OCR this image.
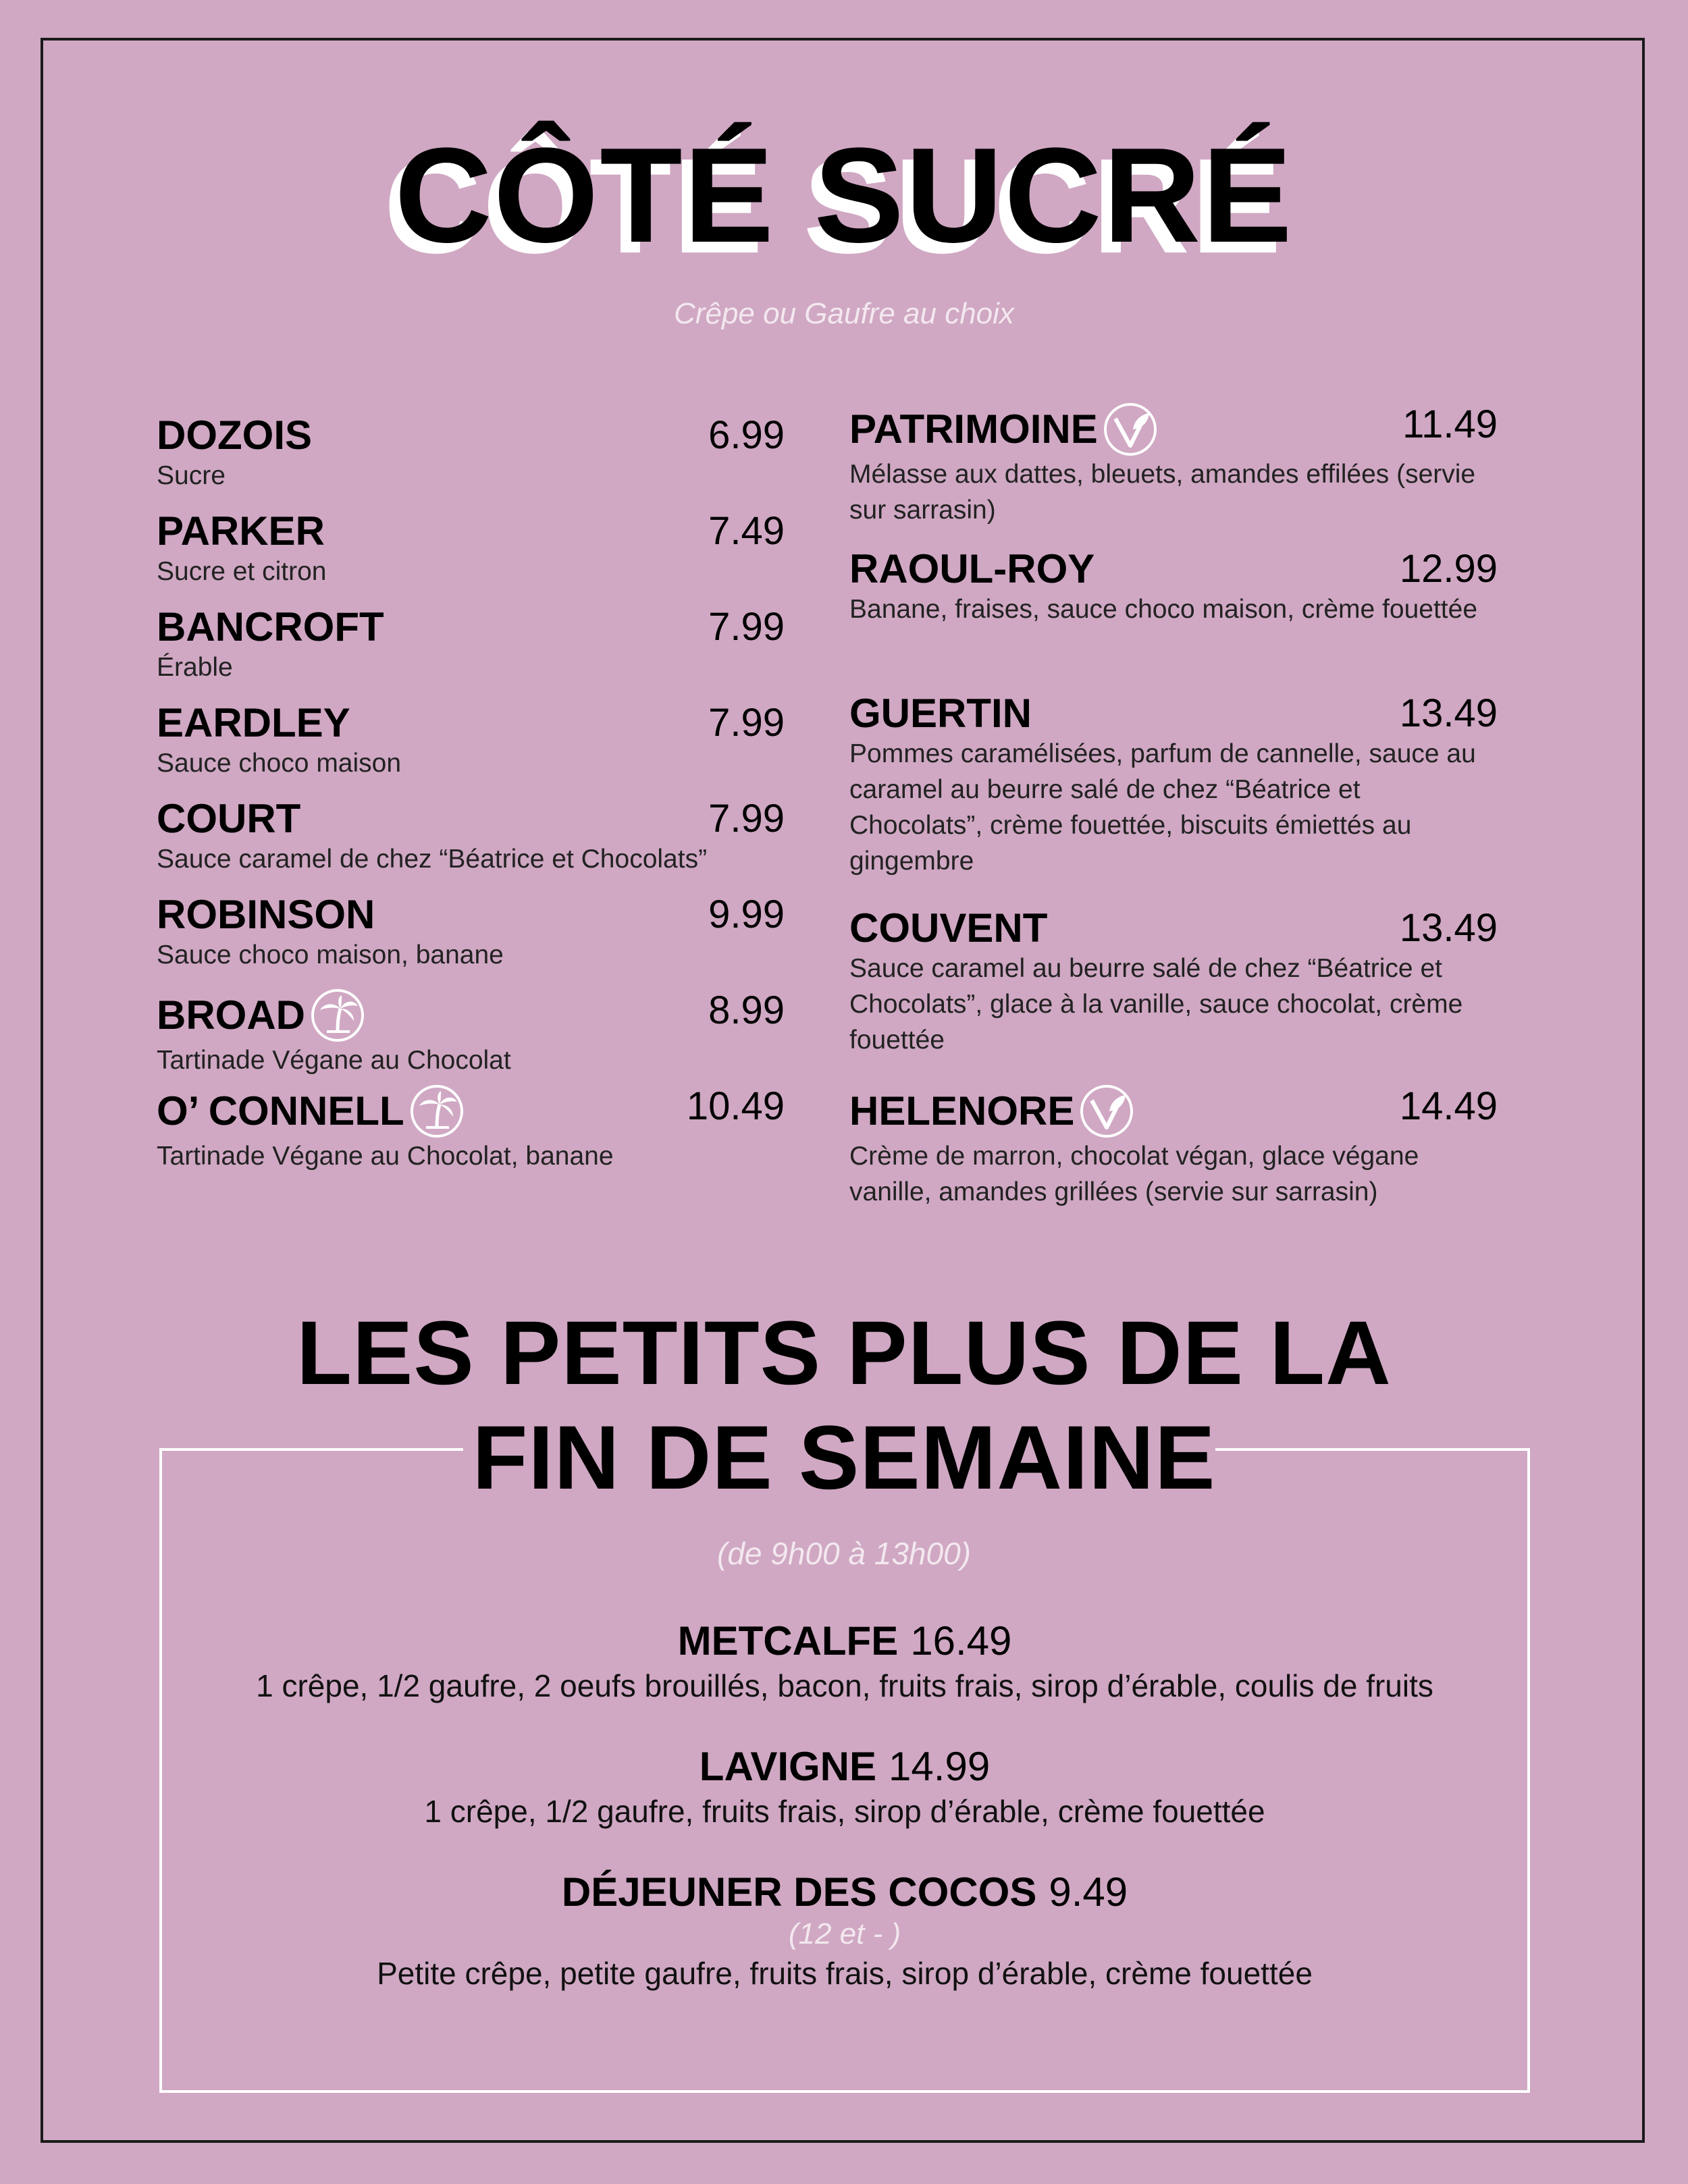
CÔTÉ SUCRÉ
Crêpe ou Gaufre au choix
DOZOIS	6.99
Sucre
PARKER	7.49
Sucre et citron
BANCROFT	7.99
Érable
EARDLEY	7.99
Sauce choco maison
COURT	7.99
Sauce caramel de chez “Béatrice et Chocolats”
ROBINSON	9.99
Sauce choco maison, banane
BROAD	8.99
Tartinade Végane au Chocolat
O’ CONNELL	10.49
Tartinade Végane au Chocolat, banane
PATRIMOINE	11.49
Mélasse aux dattes, bleuets, amandes effilées (servie sur sarrasin)
RAOUL-ROY	12.99
Banane, fraises, sauce choco maison, crème fouettée
GUERTIN	13.49
Pommes caramélisées, parfum de cannelle, sauce au caramel au beurre salé de chez “Béatrice et Chocolats”, crème fouettée, biscuits émiettés au gingembre
COUVENT	13.49
Sauce caramel au beurre salé de chez “Béatrice et Chocolats”, glace à la vanille, sauce chocolat, crème fouettée
HELENORE	14.49
Crème de marron, chocolat végan, glace végane vanille, amandes grillées (servie sur sarrasin)
LES PETITS PLUS DE LA
FIN DE SEMAINE
(de 9h00 à 13h00)
METCALFE 16.49
1 crêpe, 1/2 gaufre, 2 oeufs brouillés, bacon, fruits frais, sirop d’érable, coulis de fruits
LAVIGNE 14.99
1 crêpe, 1/2 gaufre, fruits frais, sirop d’érable, crème fouettée
DÉJEUNER DES COCOS 9.49
(12 et - )
Petite crêpe, petite gaufre, fruits frais, sirop d’érable, crème fouettée
